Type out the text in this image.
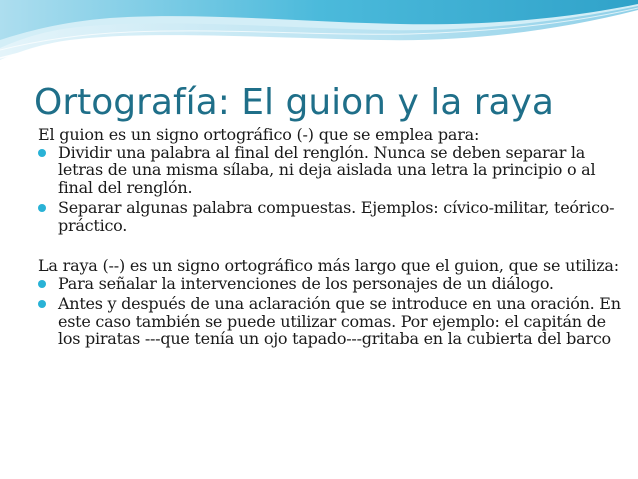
Ortografía: El guion y la raya

El guion es un signo ortográfico (-) que se emplea para:

Dividir una palabra al final del renglón. Nunca se deben separar la letras de una misma sílaba, ni deja aislada una letra la principio o al final del renglón.
Separar algunas palabra compuestas. Ejemplos: cívico-militar, teórico-práctico.

La raya (--) es un signo ortográfico más largo que el guion, que se utiliza:

Para señalar la intervenciones de los personajes de un diálogo.
Antes y después de una aclaración que se introduce en una oración. En este caso también se puede utilizar comas. Por ejemplo: el capitán de los piratas ---que tenía un ojo tapado---gritaba en la cubierta del barco
